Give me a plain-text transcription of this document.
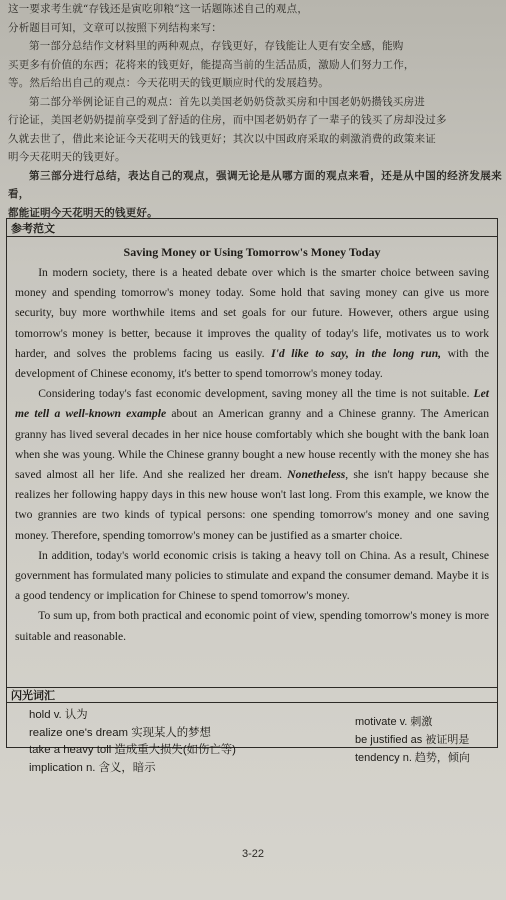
这一要求考生就“存钱还是寅吃卯粮”这一话题陈述自己的观点，

分析题目可知，文章可以按照下列结构来写：

第一部分总结作文材料里的两种观点，存钱更好，存钱能让人更有安全感，能购

买更多有价值的东西；花将来的钱更好，能提高当前的生活品质，激励人们努力工作，

等。然后给出自己的观点：今天花明天的钱更顺应时代的发展趋势。

第二部分举例论证自己的观点：首先以美国老奶奶贷款买房和中国老奶奶攒钱买房进

行论证，美国老奶奶提前享受到了舒适的住房，而中国老奶奶存了一辈子的钱买了房却没过多

久就去世了，借此来论证今天花明天的钱更好；其次以中国政府采取的刺激消费的政策来证

明今天花明天的钱更好。

第三部分进行总结，表达自己的观点，强调无论是从哪方面的观点来看，还是从中国的经济发展来看，

都能证明今天花明天的钱更好。

参考范文
Saving Money or Using Tomorrow's Money Today

In modern society, there is a heated debate over which is the smarter choice between saving money and spending tomorrow's money today. Some hold that saving money can give us more security, buy more worthwhile items and set goals for our future. However, others argue using tomorrow's money is better, because it improves the quality of today's life, motivates us to work harder, and solves the problems facing us easily. I'd like to say, in the long run, with the development of Chinese economy, it's better to spend tomorrow's money today.

Considering today's fast economic development, saving money all the time is not suitable. Let me tell a well-known example about an American granny and a Chinese granny. The American granny has lived several decades in her nice house comfortably which she bought with the bank loan when she was young. While the Chinese granny bought a new house recently with the money she has saved almost all her life. And she realized her dream. Nonetheless, she isn't happy because she realizes her following happy days in this new house won't last long. From this example, we know the two grannies are two kinds of typical persons: one spending tomorrow's money and one saving money. Therefore, spending tomorrow's money can be justified as a smarter choice.

In addition, today's world economic crisis is taking a heavy toll on China. As a result, Chinese government has formulated many policies to stimulate and expand the consumer demand. Maybe it is a good tendency or implication for Chinese to spend tomorrow's money.

To sum up, from both practical and economic point of view, spending tomorrow's money is more suitable and reasonable.

闪光词汇
hold v. 认为
realize one's dream 实现某人的梦想
take a heavy toll 造成重大损失(如伤亡等)
implication n. 含义，暗示
motivate v. 刺激
be justified as 被证明是
tendency n. 趋势，倾向
3-22
